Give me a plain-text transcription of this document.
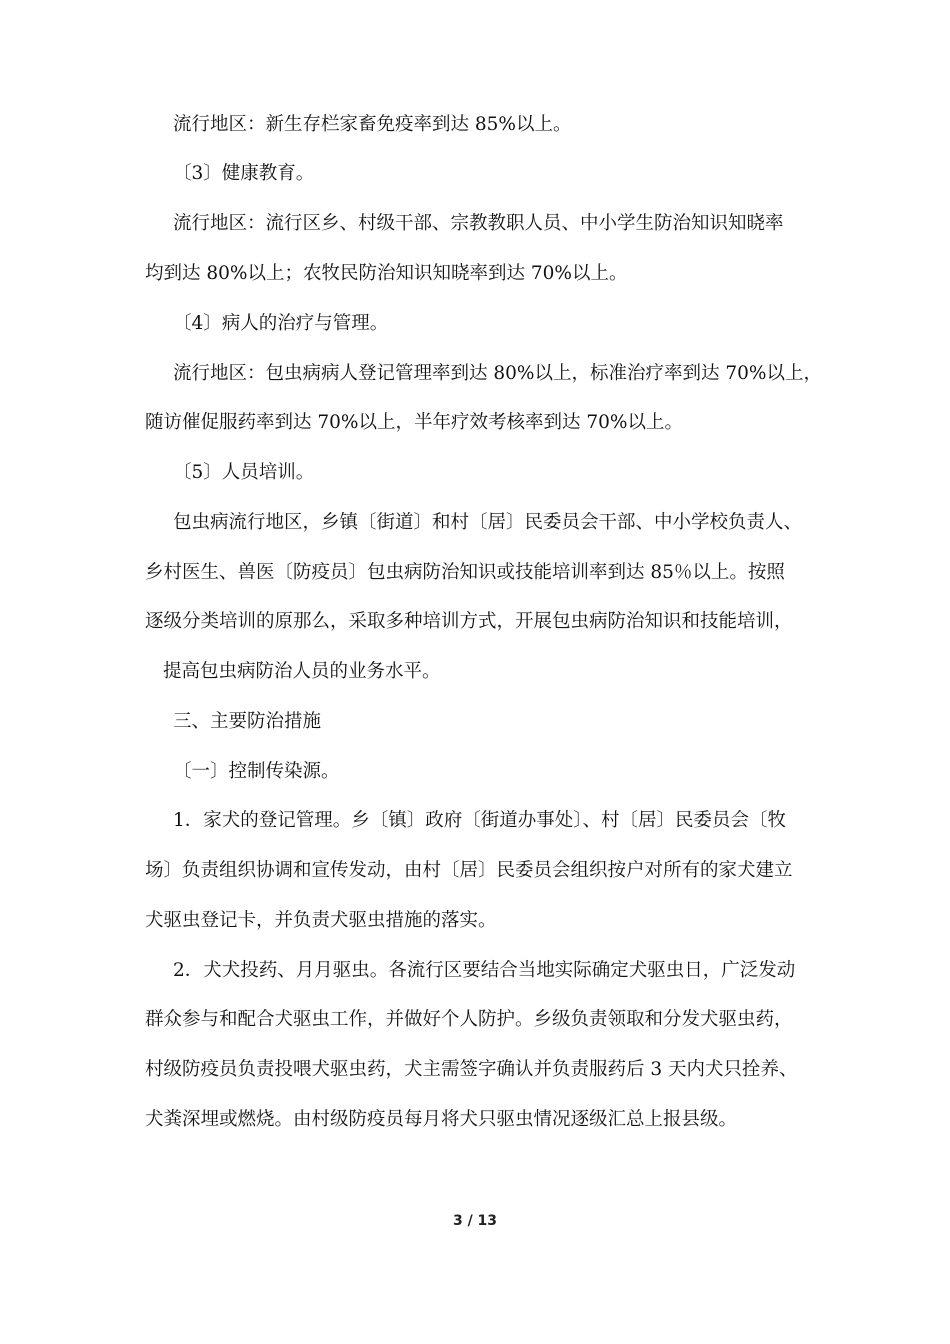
流行地区：新生存栏家畜免疫率到达 85%以上。
〔3〕健康教育。
流行地区：流行区乡、村级干部、宗教教职人员、中小学生防治知识知晓率
均到达 80%以上；农牧民防治知识知晓率到达 70%以上。
〔4〕病人的治疗与管理。
流行地区：包虫病病人登记管理率到达 80%以上，标准治疗率到达 70%以上，
随访催促服药率到达 70%以上，半年疗效考核率到达 70%以上。
〔5〕人员培训。
包虫病流行地区，乡镇〔街道〕和村〔居〕民委员会干部、中小学校负责人、
乡村医生、兽医〔防疫员〕包虫病防治知识或技能培训率到达 85％以上。按照
逐级分类培训的原那么，采取多种培训方式，开展包虫病防治知识和技能培训，
提高包虫病防治人员的业务水平。
三、主要防治措施
〔一〕控制传染源。
1．家犬的登记管理。乡〔镇〕政府〔街道办事处〕、村〔居〕民委员会〔牧
场〕负责组织协调和宣传发动，由村〔居〕民委员会组织按户对所有的家犬建立
犬驱虫登记卡，并负责犬驱虫措施的落实。
2．犬犬投药、月月驱虫。各流行区要结合当地实际确定犬驱虫日，广泛发动
群众参与和配合犬驱虫工作，并做好个人防护。乡级负责领取和分发犬驱虫药，
村级防疫员负责投喂犬驱虫药，犬主需签字确认并负责服药后 3 天内犬只拴养、
犬粪深埋或燃烧。由村级防疫员每月将犬只驱虫情况逐级汇总上报县级。
3 / 13
